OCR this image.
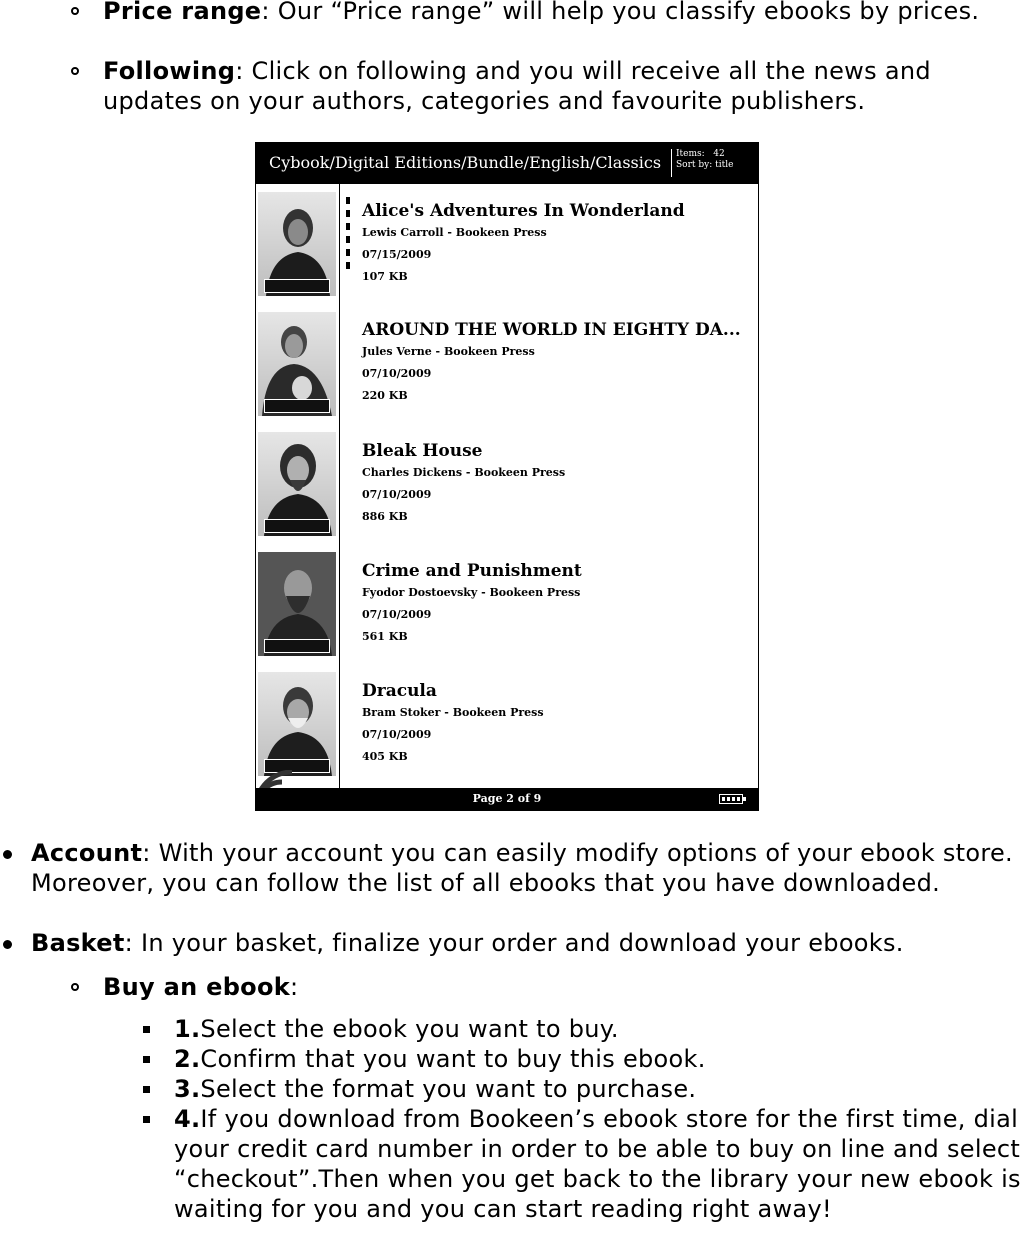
Price range: Our “Price range” will help you classify ebooks by prices.
Following: Click on following and you will receive all the news and updates on your authors, categories and favourite publishers.
Cybook/Digital Editions/Bundle/English/Classics Items: 42
Sort by: title
Alice's Adventures In Wonderland
Lewis Carroll - Bookeen Press
07/15/2009
107 KB
AROUND THE WORLD IN EIGHTY DA...
Jules Verne - Bookeen Press
07/10/2009
220 KB
Bleak House
Charles Dickens - Bookeen Press
07/10/2009
886 KB
Crime and Punishment
Fyodor Dostoevsky - Bookeen Press
07/10/2009
561 KB
Dracula
Bram Stoker - Bookeen Press
07/10/2009
405 KB
Page 2 of 9
Account: With your account you can easily modify options of your ebook store. Moreover, you can follow the list of all ebooks that you have downloaded.
Basket: In your basket, finalize your order and download your ebooks.
Buy an ebook:
1.Select the ebook you want to buy.
2.Confirm that you want to buy this ebook.
3.Select the format you want to purchase.
4.If you download from Bookeen’s ebook store for the first time, dial your credit card number in order to be able to buy on line and select “checkout”.Then when you get back to the library your new ebook is waiting for you and you can start reading right away!
